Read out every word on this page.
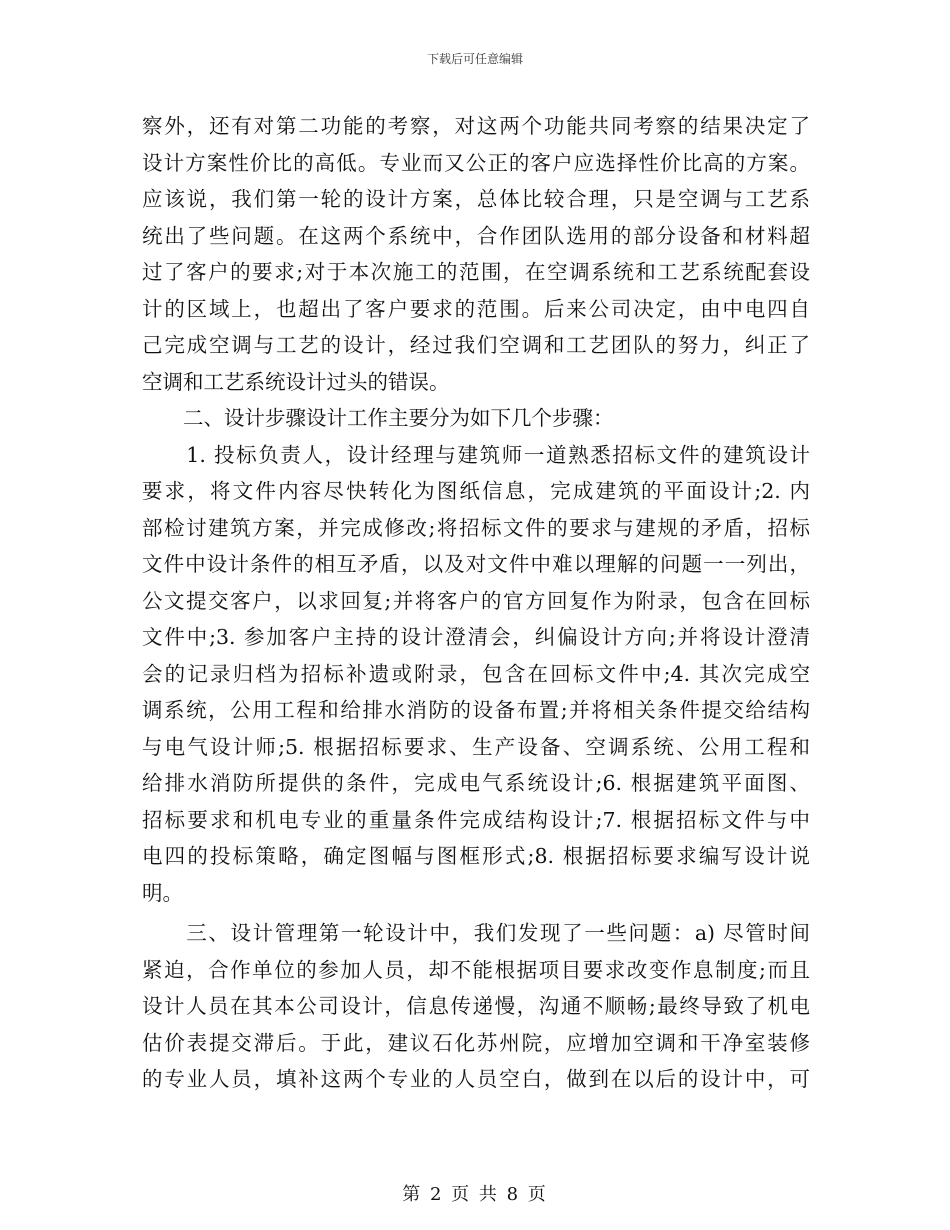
下载后可任意编辑
察外，还有对第二功能的考察，对这两个功能共同考察的结果决定了
设计方案性价比的高低。专业而又公正的客户应选择性价比高的方案。
应该说，我们第一轮的设计方案，总体比较合理，只是空调与工艺系
统出了些问题。在这两个系统中，合作团队选用的部分设备和材料超
过了客户的要求;对于本次施工的范围，在空调系统和工艺系统配套设
计的区域上，也超出了客户要求的范围。后来公司决定，由中电四自
己完成空调与工艺的设计，经过我们空调和工艺团队的努力，纠正了
空调和工艺系统设计过头的错误。
　　二、设计步骤设计工作主要分为如下几个步骤：
　　1. 投标负责人，设计经理与建筑师一道熟悉招标文件的建筑设计
要求，将文件内容尽快转化为图纸信息，完成建筑的平面设计;2. 内
部检讨建筑方案，并完成修改;将招标文件的要求与建规的矛盾，招标
文件中设计条件的相互矛盾，以及对文件中难以理解的问题一一列出，
公文提交客户，以求回复;并将客户的官方回复作为附录，包含在回标
文件中;3. 参加客户主持的设计澄清会，纠偏设计方向;并将设计澄清
会的记录归档为招标补遗或附录，包含在回标文件中;4. 其次完成空
调系统，公用工程和给排水消防的设备布置;并将相关条件提交给结构
与电气设计师;5. 根据招标要求、生产设备、空调系统、公用工程和
给排水消防所提供的条件，完成电气系统设计;6. 根据建筑平面图、
招标要求和机电专业的重量条件完成结构设计;7. 根据招标文件与中
电四的投标策略，确定图幅与图框形式;8. 根据招标要求编写设计说
明。
　　三、设计管理第一轮设计中，我们发现了一些问题：a) 尽管时间
紧迫，合作单位的参加人员，却不能根据项目要求改变作息制度;而且
设计人员在其本公司设计，信息传递慢，沟通不顺畅;最终导致了机电
估价表提交滞后。于此，建议石化苏州院，应增加空调和干净室装修
的专业人员，填补这两个专业的人员空白，做到在以后的设计中，可
第 2 页 共 8 页
